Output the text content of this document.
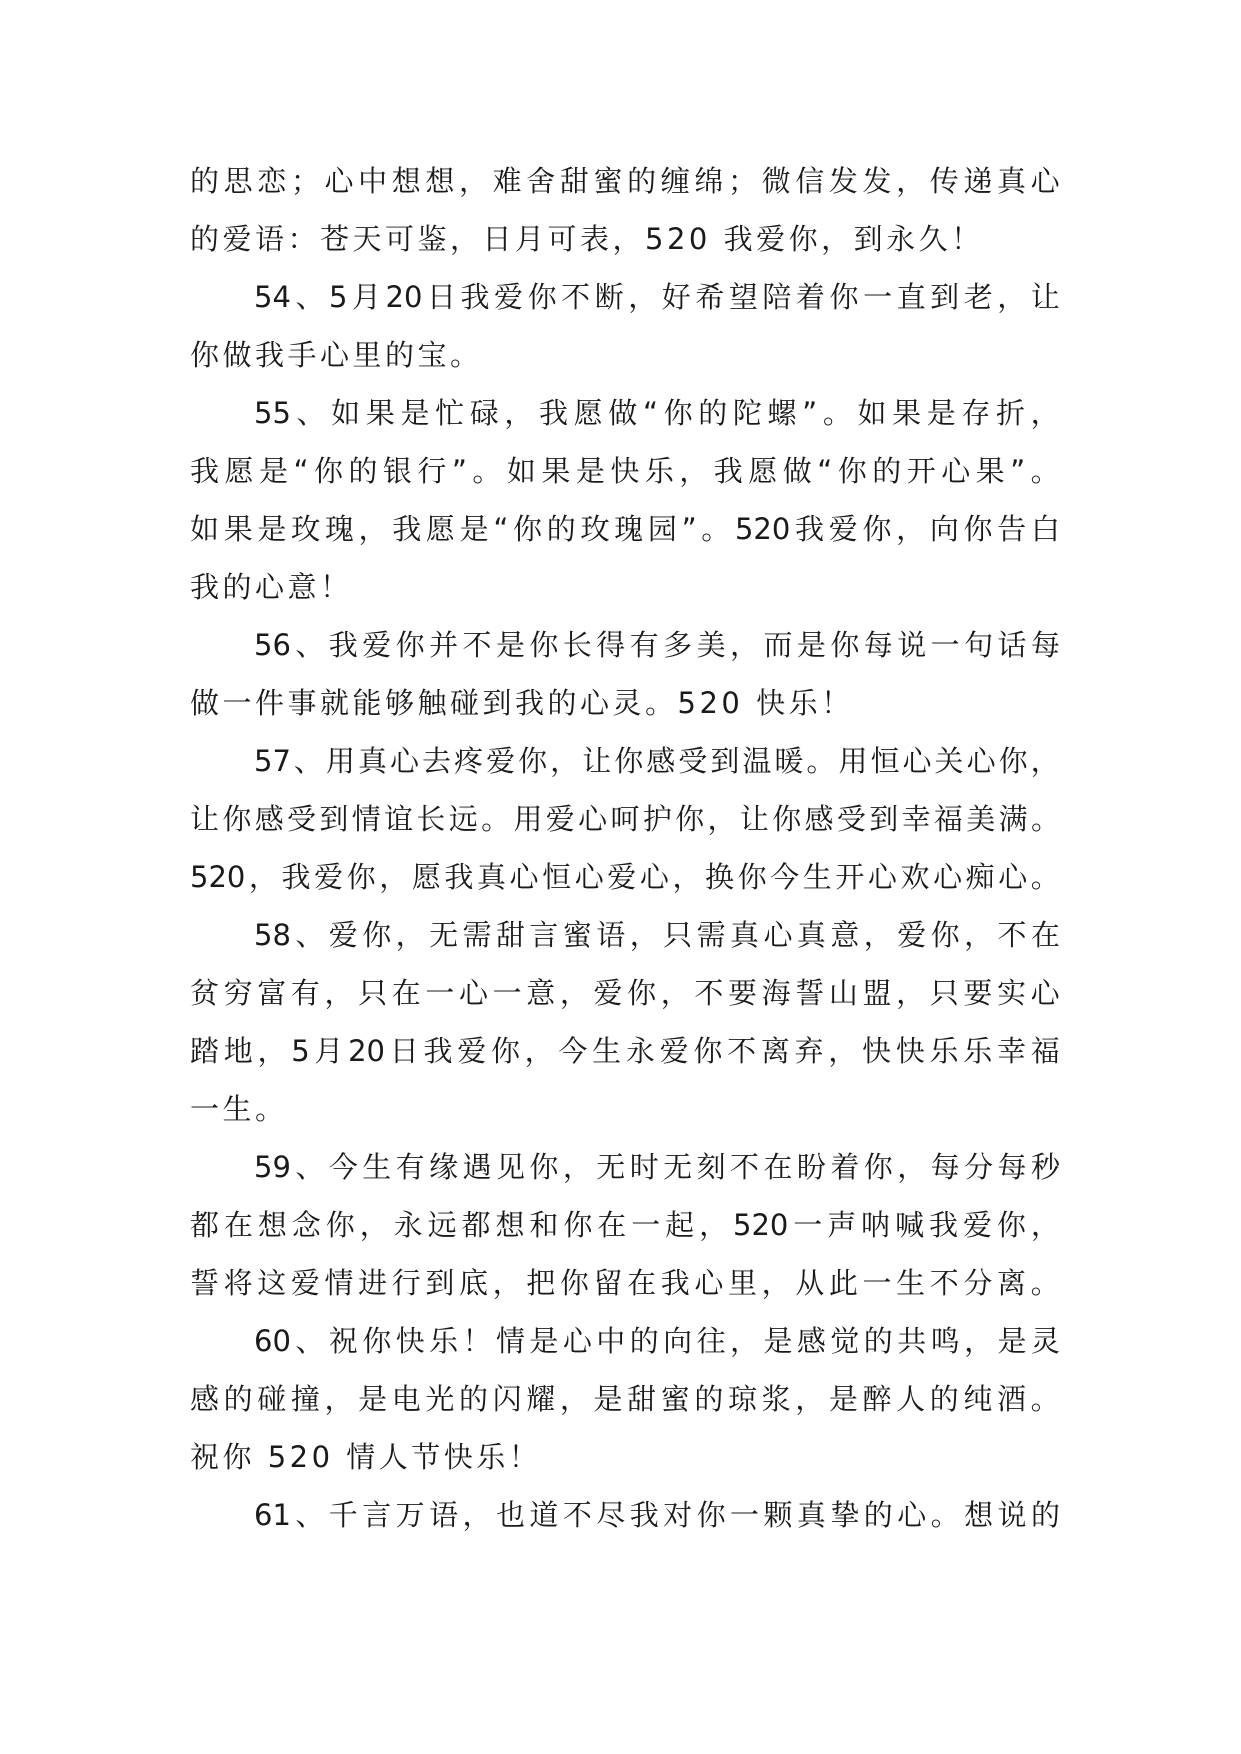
的 思 恋 ； 心 中 想 想 ， 难 舍 甜 蜜 的 缠 绵 ； 微 信 发 发 ， 传 递 真 心
的爱语：苍天可鉴，日月可表，520 我爱你，到永久！
54 、 5 月 20 日 我 爱 你 不 断 ， 好 希 望 陪 着 你 一 直 到 老 ， 让
你做我手心里的宝。
55 、 如 果 是 忙 碌 ， 我 愿 做 “ 你 的 陀 螺 ” 。 如 果 是 存 折 ，
我 愿 是 “ 你 的 银 行 ” 。 如 果 是 快 乐 ， 我 愿 做 “ 你 的 开 心 果 ” 。
如 果 是 玫 瑰 ， 我 愿 是 “ 你 的 玫 瑰 园 ” 。 520 我 爱 你 ， 向 你 告 白
我的心意！
56 、 我 爱 你 并 不 是 你 长 得 有 多 美 ， 而 是 你 每 说 一 句 话 每
做一件事就能够触碰到我的心灵。520 快乐！
57 、 用 真 心 去 疼 爱 你 ， 让 你 感 受 到 温 暖 。 用 恒 心 关 心 你 ，
让 你 感 受 到 情 谊 长 远 。 用 爱 心 呵 护 你 ， 让 你 感 受 到 幸 福 美 满 。
520 ， 我 爱 你 ， 愿 我 真 心 恒 心 爱 心 ， 换 你 今 生 开 心 欢 心 痴 心 。
58 、 爱 你 ， 无 需 甜 言 蜜 语 ， 只 需 真 心 真 意 ， 爱 你 ， 不 在
贫 穷 富 有 ， 只 在 一 心 一 意 ， 爱 你 ， 不 要 海 誓 山 盟 ， 只 要 实 心
踏 地 ， 5 月 20 日 我 爱 你 ， 今 生 永 爱 你 不 离 弃 ， 快 快 乐 乐 幸 福
一生。
59 、 今 生 有 缘 遇 见 你 ， 无 时 无 刻 不 在 盼 着 你 ， 每 分 每 秒
都 在 想 念 你 ， 永 远 都 想 和 你 在 一 起 ， 520 一 声 呐 喊 我 爱 你 ，
誓 将 这 爱 情 进 行 到 底 ， 把 你 留 在 我 心 里 ， 从 此 一 生 不 分 离 。
60 、 祝 你 快 乐 ！ 情 是 心 中 的 向 往 ， 是 感 觉 的 共 鸣 ， 是 灵
感 的 碰 撞 ， 是 电 光 的 闪 耀 ， 是 甜 蜜 的 琼 浆 ， 是 醉 人 的 纯 酒 。
祝你 520 情人节快乐！
61 、 千 言 万 语 ， 也 道 不 尽 我 对 你 一 颗 真 挚 的 心 。 想 说 的
